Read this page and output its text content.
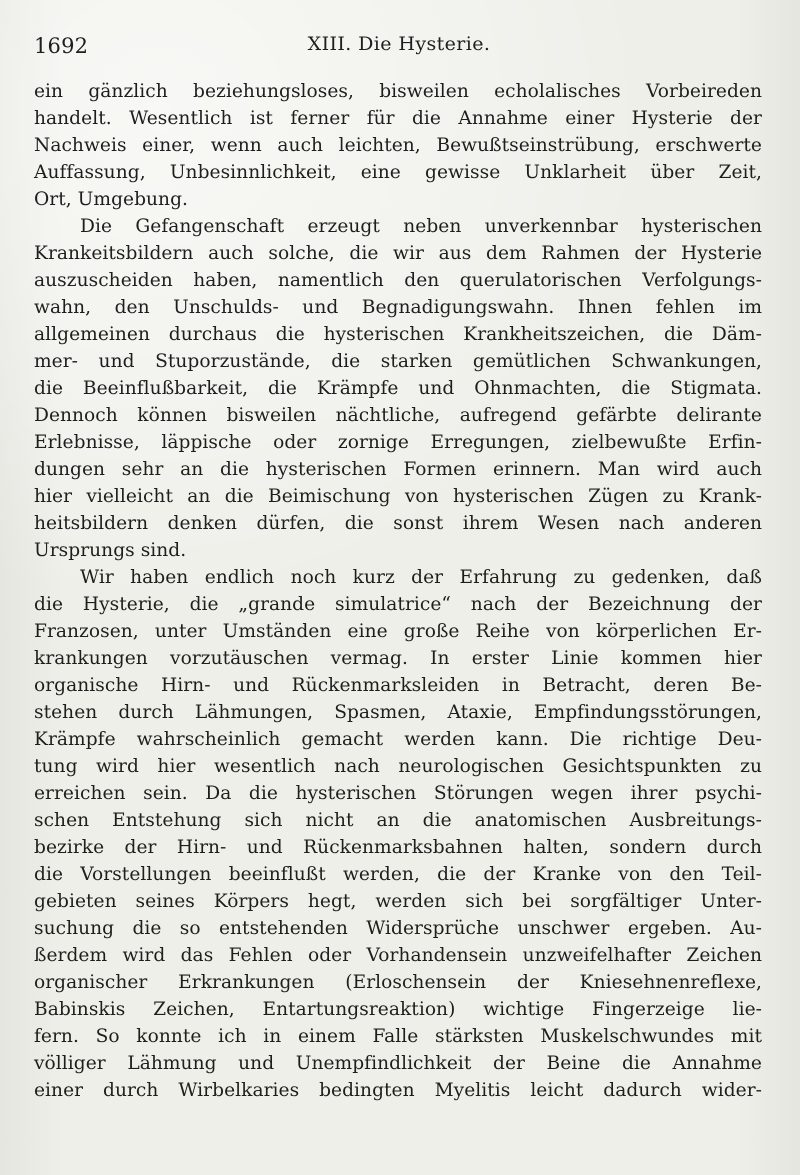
1692	XIII. Die Hysterie.
ein gänzlich beziehungsloses, bisweilen echolalisches Vorbeireden
handelt. Wesentlich ist ferner für die Annahme einer Hysterie der
Nachweis einer, wenn auch leichten, Bewußtseinstrübung, erschwerte
Auffassung, Unbesinnlichkeit, eine gewisse Unklarheit über Zeit,
Ort, Umgebung.
Die Gefangenschaft erzeugt neben unverkennbar hysterischen
Krankeitsbildern auch solche, die wir aus dem Rahmen der Hysterie
auszuscheiden haben, namentlich den querulatorischen Verfolgungs-
wahn, den Unschulds- und Begnadigungswahn. Ihnen fehlen im
allgemeinen durchaus die hysterischen Krankheitszeichen, die Däm-
mer- und Stuporzustände, die starken gemütlichen Schwankungen,
die Beeinflußbarkeit, die Krämpfe und Ohnmachten, die Stigmata.
Dennoch können bisweilen nächtliche, aufregend gefärbte delirante
Erlebnisse, läppische oder zornige Erregungen, zielbewußte Erfin-
dungen sehr an die hysterischen Formen erinnern. Man wird auch
hier vielleicht an die Beimischung von hysterischen Zügen zu Krank-
heitsbildern denken dürfen, die sonst ihrem Wesen nach anderen
Ursprungs sind.
Wir haben endlich noch kurz der Erfahrung zu gedenken, daß
die Hysterie, die „grande simulatrice“ nach der Bezeichnung der
Franzosen, unter Umständen eine große Reihe von körperlichen Er-
krankungen vorzutäuschen vermag. In erster Linie kommen hier
organische Hirn- und Rückenmarksleiden in Betracht, deren Be-
stehen durch Lähmungen, Spasmen, Ataxie, Empfindungsstörungen,
Krämpfe wahrscheinlich gemacht werden kann. Die richtige Deu-
tung wird hier wesentlich nach neurologischen Gesichtspunkten zu
erreichen sein. Da die hysterischen Störungen wegen ihrer psychi-
schen Entstehung sich nicht an die anatomischen Ausbreitungs-
bezirke der Hirn- und Rückenmarksbahnen halten, sondern durch
die Vorstellungen beeinflußt werden, die der Kranke von den Teil-
gebieten seines Körpers hegt, werden sich bei sorgfältiger Unter-
suchung die so entstehenden Widersprüche unschwer ergeben. Au-
ßerdem wird das Fehlen oder Vorhandensein unzweifelhafter Zeichen
organischer Erkrankungen (Erloschensein der Kniesehnenreflexe,
Babinskis Zeichen, Entartungsreaktion) wichtige Fingerzeige lie-
fern. So konnte ich in einem Falle stärksten Muskelschwundes mit
völliger Lähmung und Unempfindlichkeit der Beine die Annahme
einer durch Wirbelkaries bedingten Myelitis leicht dadurch wider-
